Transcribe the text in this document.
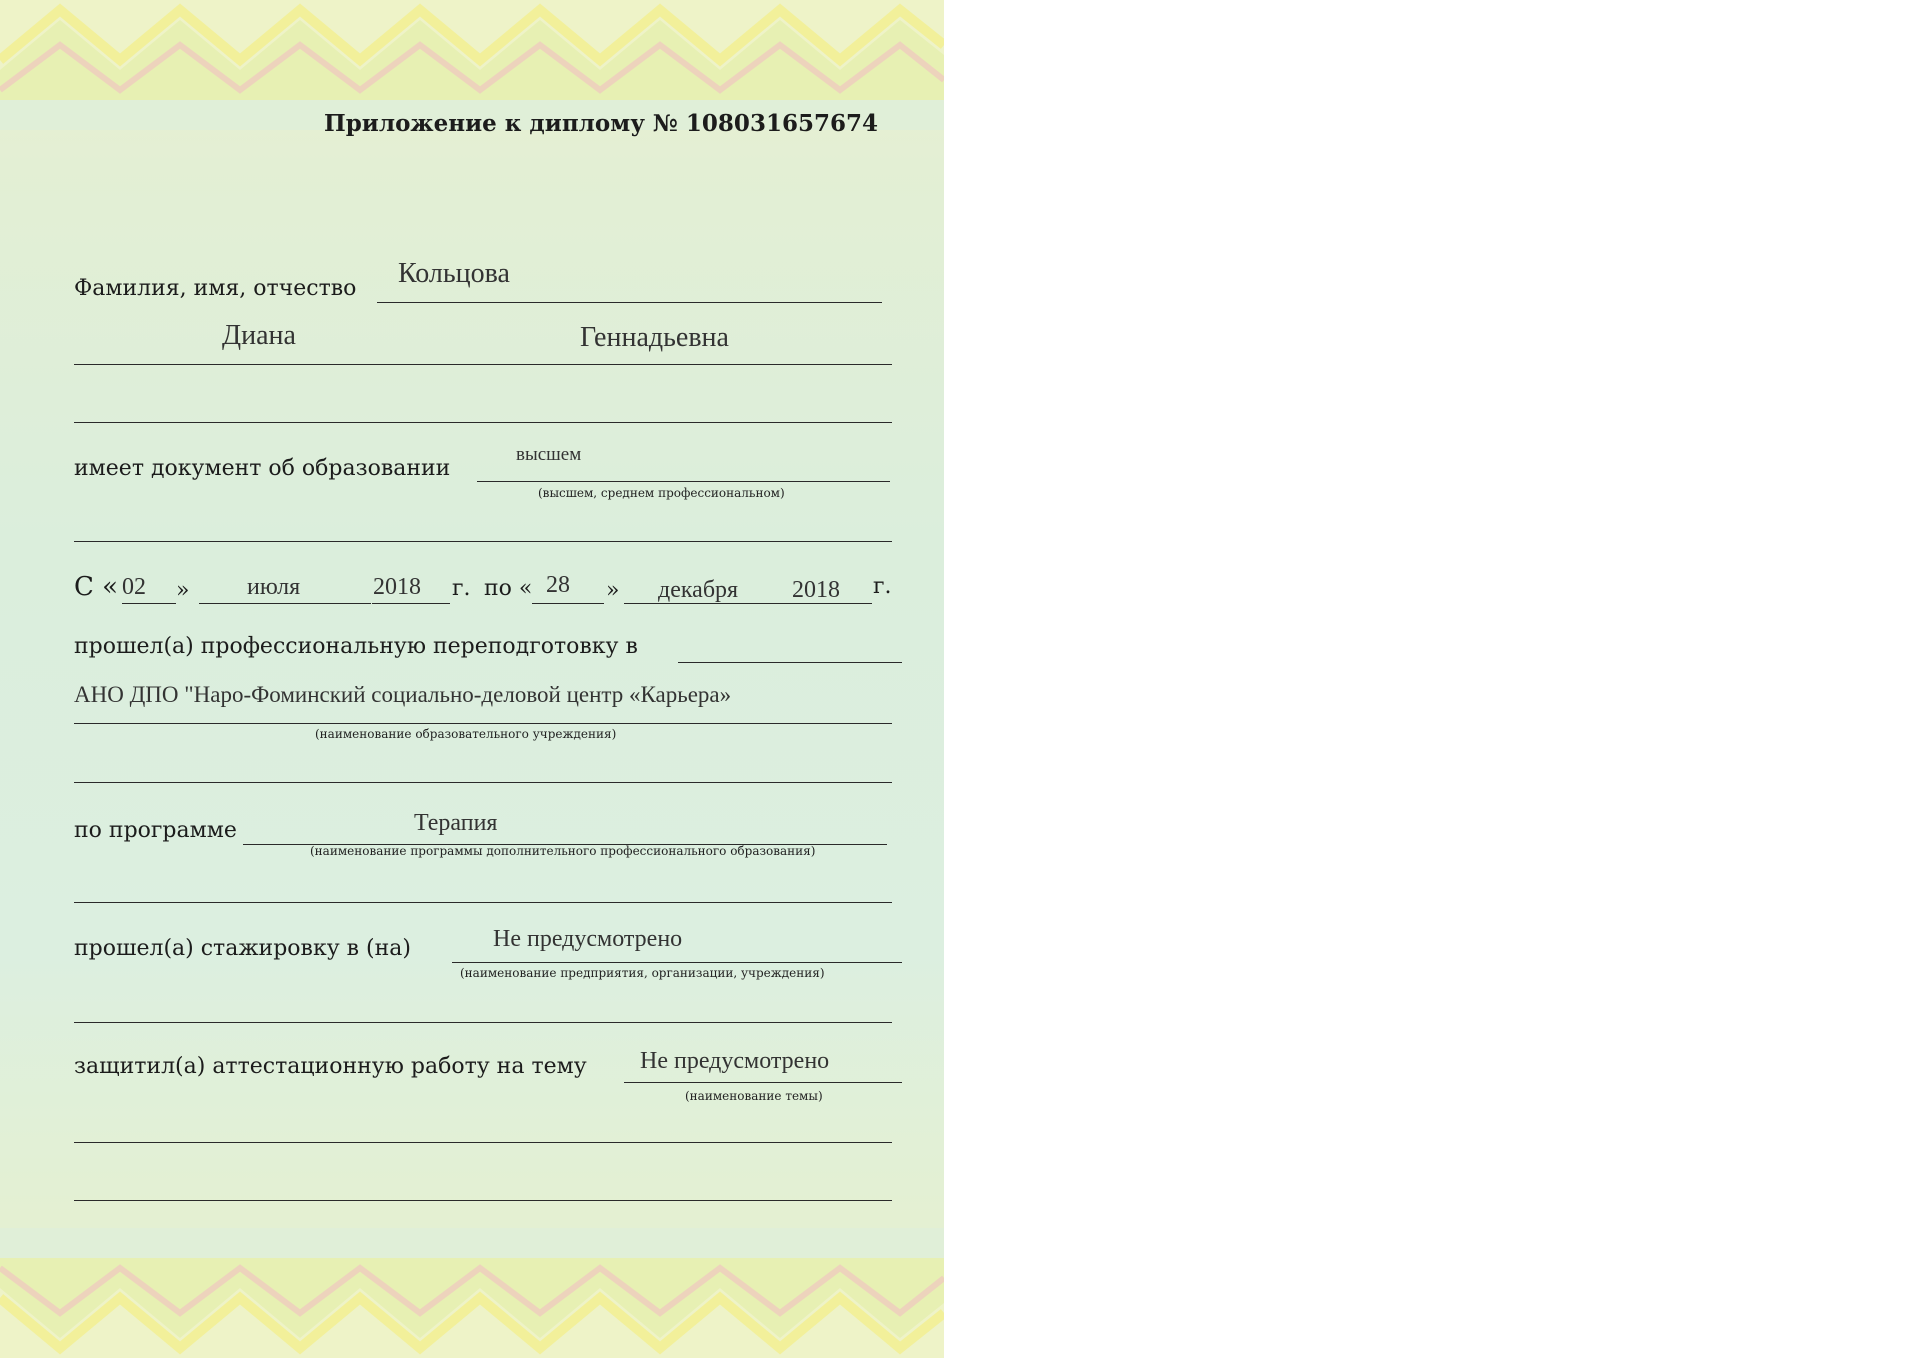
Приложение к диплому № 108031657674
Фамилия, имя, отчество Кольцова
Диана	Геннадьевна
имеет документ об образовании
высшем
(высшем, среднем профессиональном)
С « 02 » июля	2018 г. по « 28 » декабря 2018 г.
прошел(а) профессиональную переподготовку в
АНО ДПО "Наро-Фоминский социально-деловой центр «Карьера»
(наименование образовательного учреждения)
по программе	Терапия
(наименование программы дополнительного профессионального образования)
прошел(а) стажировку в (на)	Не предусмотрено
(наименование предприятия, организации, учреждения)
защитил(а) аттестационную работу на тему Не предусмотрено
(наименование темы)
